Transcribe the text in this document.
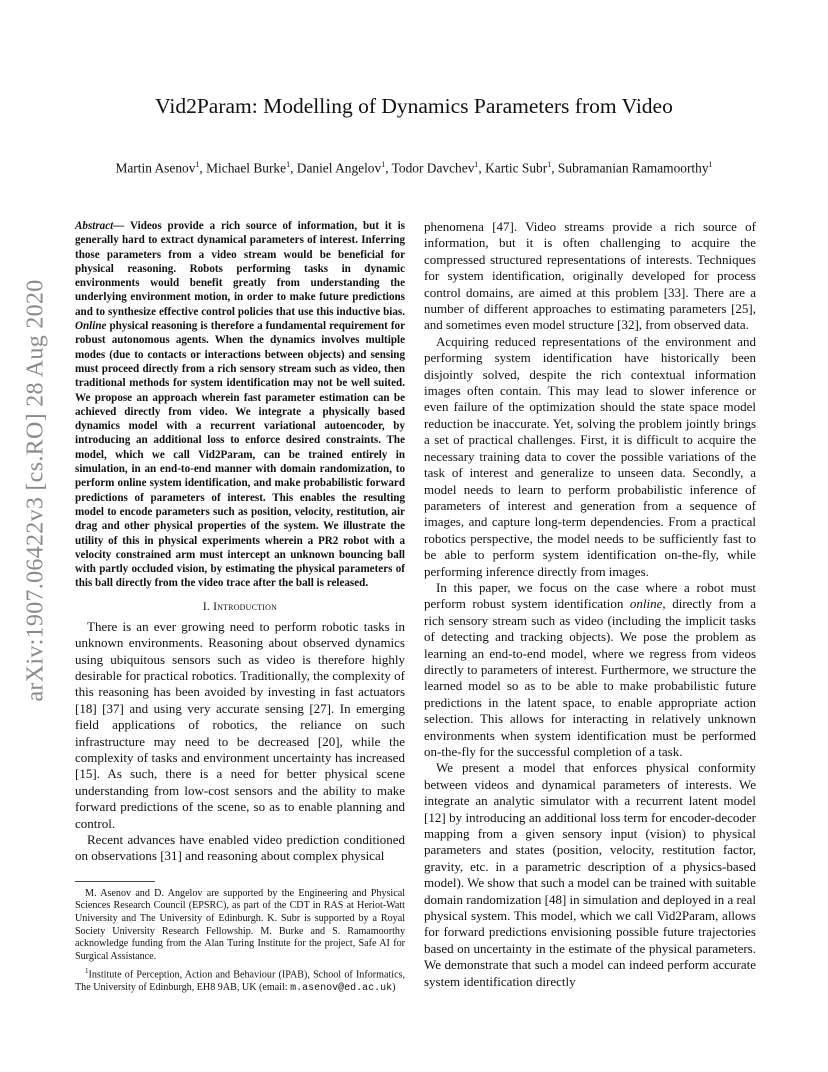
arXiv:1907.06422v3 [cs.RO] 28 Aug 2020
Vid2Param: Modelling of Dynamics Parameters from Video
Martin Asenov$^1$, Michael Burke$^1$, Daniel Angelov$^1$, Todor Davchev$^1$, Kartic Subr$^1$, Subramanian Ramamoorthy$^1$

Abstract— Videos provide a rich source of information, but it is generally hard to extract dynamical parameters of interest. Inferring those parameters from a video stream would be beneficial for physical reasoning. Robots performing tasks in dynamic environments would benefit greatly from understanding the underlying environment motion, in order to make future predictions and to synthesize effective control policies that use this inductive bias. Online physical reasoning is therefore a fundamental requirement for robust autonomous agents. When the dynamics involves multiple modes (due to contacts or interactions between objects) and sensing must proceed directly from a rich sensory stream such as video, then traditional methods for system identification may not be well suited. We propose an approach wherein fast parameter estimation can be achieved directly from video. We integrate a physically based dynamics model with a recurrent variational autoencoder, by introducing an additional loss to enforce desired constraints. The model, which we call Vid2Param, can be trained entirely in simulation, in an end-to-end manner with domain randomization, to perform online system identification, and make probabilistic forward predictions of parameters of interest. This enables the resulting model to encode parameters such as position, velocity, restitution, air drag and other physical properties of the system. We illustrate the utility of this in physical experiments wherein a PR2 robot with a velocity constrained arm must intercept an unknown bouncing ball with partly occluded vision, by estimating the physical parameters of this ball directly from the video trace after the ball is released.

I. Introduction

There is an ever growing need to perform robotic tasks in unknown environments. Reasoning about observed dynamics using ubiquitous sensors such as video is therefore highly desirable for practical robotics. Traditionally, the complexity of this reasoning has been avoided by investing in fast actuators [18] [37] and using very accurate sensing [27]. In emerging field applications of robotics, the reliance on such infrastructure may need to be decreased [20], while the complexity of tasks and environment uncertainty has increased [15]. As such, there is a need for better physical scene understanding from low-cost sensors and the ability to make forward predictions of the scene, so as to enable planning and control.

Recent advances have enabled video prediction conditioned on observations [31] and reasoning about complex physical

M. Asenov and D. Angelov are supported by the Engineering and Physical Sciences Research Council (EPSRC), as part of the CDT in RAS at Heriot-Watt University and The University of Edinburgh. K. Subr is supported by a Royal Society University Research Fellowship. M. Burke and S. Ramamoorthy acknowledge funding from the Alan Turing Institute for the project, Safe AI for Surgical Assistance.

$^1$Institute of Perception, Action and Behaviour (IPAB), School of Informatics, The University of Edinburgh, EH8 9AB, UK (email: m.asenov@ed.ac.uk)

phenomena [47]. Video streams provide a rich source of information, but it is often challenging to acquire the compressed structured representations of interests. Techniques for system identification, originally developed for process control domains, are aimed at this problem [33]. There are a number of different approaches to estimating parameters [25], and sometimes even model structure [32], from observed data.

Acquiring reduced representations of the environment and performing system identification have historically been disjointly solved, despite the rich contextual information images often contain. This may lead to slower inference or even failure of the optimization should the state space model reduction be inaccurate. Yet, solving the problem jointly brings a set of practical challenges. First, it is difficult to acquire the necessary training data to cover the possible variations of the task of interest and generalize to unseen data. Secondly, a model needs to learn to perform probabilistic inference of parameters of interest and generation from a sequence of images, and capture long-term dependencies. From a practical robotics perspective, the model needs to be sufficiently fast to be able to perform system identification on-the-fly, while performing inference directly from images.

In this paper, we focus on the case where a robot must perform robust system identification online, directly from a rich sensory stream such as video (including the implicit tasks of detecting and tracking objects). We pose the problem as learning an end-to-end model, where we regress from videos directly to parameters of interest. Furthermore, we structure the learned model so as to be able to make probabilistic future predictions in the latent space, to enable appropriate action selection. This allows for interacting in relatively unknown environments when system identification must be performed on-the-fly for the successful completion of a task.

We present a model that enforces physical conformity between videos and dynamical parameters of interests. We integrate an analytic simulator with a recurrent latent model [12] by introducing an additional loss term for encoder-decoder mapping from a given sensory input (vision) to physical parameters and states (position, velocity, restitution factor, gravity, etc. in a parametric description of a physics-based model). We show that such a model can be trained with suitable domain randomization [48] in simulation and deployed in a real physical system. This model, which we call Vid2Param, allows for forward predictions envisioning possible future trajectories based on uncertainty in the estimate of the physical parameters. We demonstrate that such a model can indeed perform accurate system identification directly
